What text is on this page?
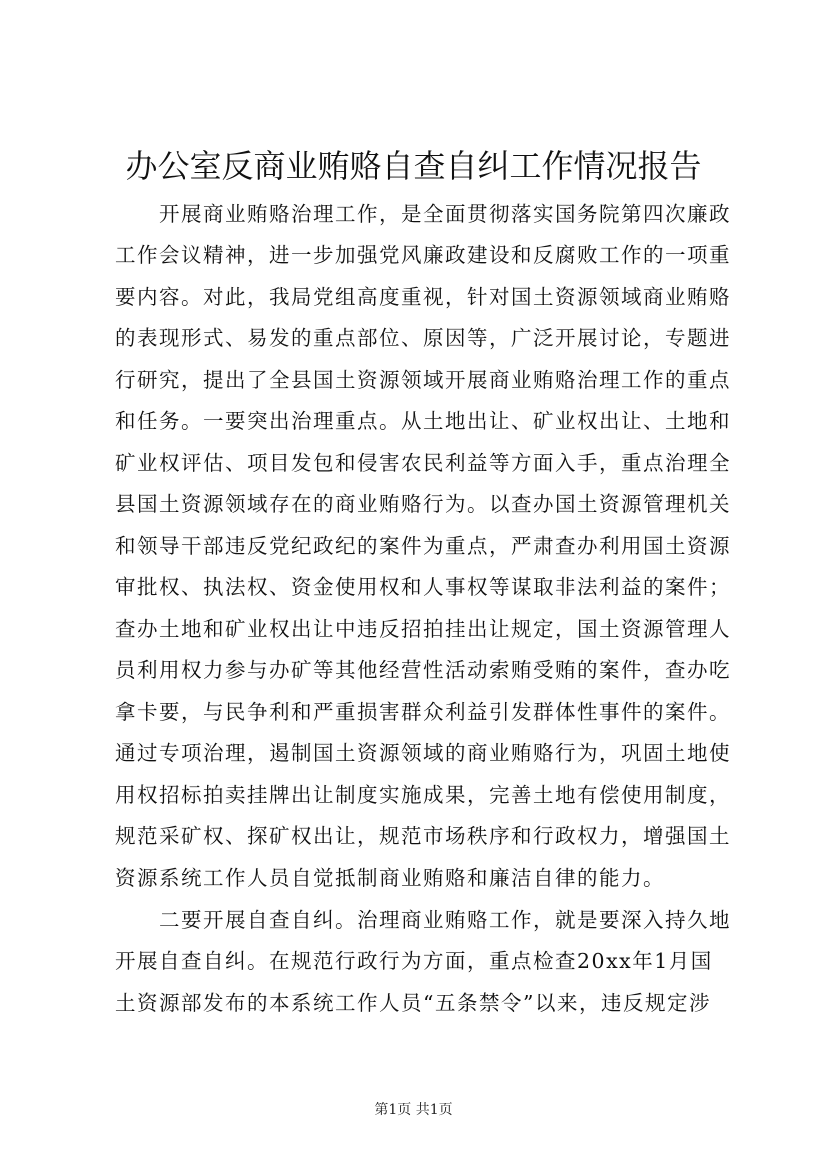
办公室反商业贿赂自查自纠工作情况报告
　　开展商业贿赂治理工作，是全面贯彻落实国务院第四次廉政
工作会议精神，进一步加强党风廉政建设和反腐败工作的一项重
要内容。对此，我局党组高度重视，针对国土资源领域商业贿赂
的表现形式、易发的重点部位、原因等，广泛开展讨论，专题进
行研究，提出了全县国土资源领域开展商业贿赂治理工作的重点
和任务。一要突出治理重点。从土地出让、矿业权出让、土地和
矿业权评估、项目发包和侵害农民利益等方面入手，重点治理全
县国土资源领域存在的商业贿赂行为。以查办国土资源管理机关
和领导干部违反党纪政纪的案件为重点，严肃查办利用国土资源
审批权、执法权、资金使用权和人事权等谋取非法利益的案件；
查办土地和矿业权出让中违反招拍挂出让规定，国土资源管理人
员利用权力参与办矿等其他经营性活动索贿受贿的案件，查办吃
拿卡要，与民争利和严重损害群众利益引发群体性事件的案件。
通过专项治理，遏制国土资源领域的商业贿赂行为，巩固土地使
用权招标拍卖挂牌出让制度实施成果，完善土地有偿使用制度，
规范采矿权、探矿权出让，规范市场秩序和行政权力，增强国土
资源系统工作人员自觉抵制商业贿赂和廉洁自律的能力。
　　二要开展自查自纠。治理商业贿赂工作，就是要深入持久地
开展自查自纠。在规范行政行为方面，重点检查20xx年1月国
土资源部发布的本系统工作人员“五条禁令”以来，违反规定涉
第1页 共1页
